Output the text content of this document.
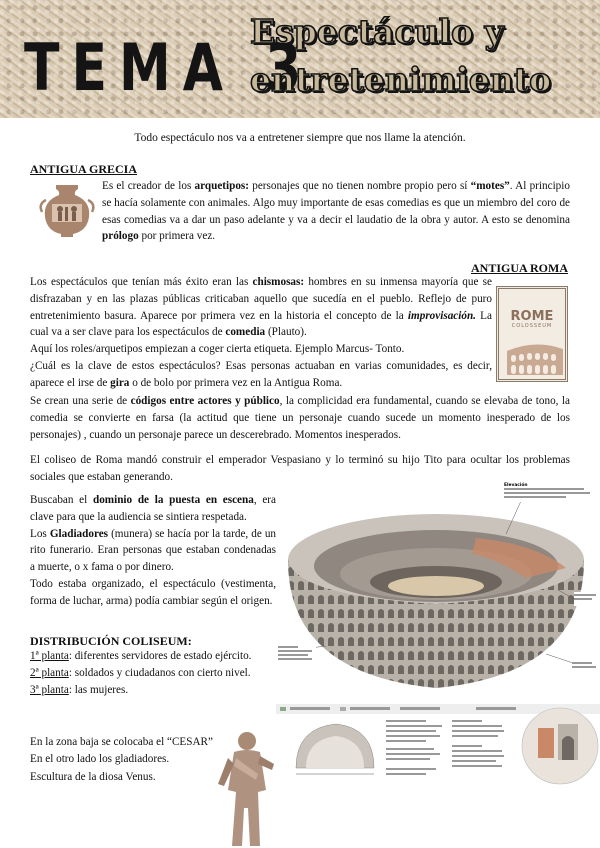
TEMA 3
Espectáculo y entretenimiento
Todo espectáculo nos va a entretener siempre que nos llame la atención.
ANTIGUA GRECIA
Es el creador de los arquetipos: personajes que no tienen nombre propio pero sí “motes”. Al principio se hacía solamente con animales. Algo muy importante de esas comedias es que un miembro del coro de esas comedias va a dar un paso adelante y va a decir el laudatio de la obra y autor. A esto se denomina prólogo por primera vez.
ANTIGUA ROMA
Los espectáculos que tenían más éxito eran las chismosas: hombres en su inmensa mayoría que se disfrazaban y en las plazas públicas criticaban aquello que sucedía en el pueblo. Reflejo de puro entretenimiento basura. Aparece por primera vez en la historia el concepto de la improvisación. La cual va a ser clave para los espectáculos de comedia (Plauto).
Aquí los roles/arquetipos empiezan a coger cierta etiqueta. Ejemplo Marcus- Tonto.
¿Cuál es la clave de estos espectáculos? Esas personas actuaban en varias comunidades, es decir, aparece el irse de gira o de bolo por primera vez en la Antigua Roma.
ROME
COLOSSEUM
Se crean una serie de códigos entre actores y público, la complicidad era fundamental, cuando se elevaba de tono, la comedia se convierte en farsa (la actitud que tiene un personaje cuando sucede un momento inesperado de los personajes) , cuando un personaje parece un descerebrado. Momentos inesperados.
El coliseo de Roma mandó construir el emperador Vespasiano y lo terminó su hijo Tito para ocultar los problemas sociales que estaban generando.
Buscaban el dominio de la puesta en escena, era clave para que la audiencia se sintiera respetada.
Los Gladiadores (munera) se hacía por la tarde, de un rito funerario. Eran personas que estaban condenadas a muerte, o x fama o por dinero.
Todo estaba organizado, el espectáculo (vestimenta, forma de luchar, arma) podía cambiar según el origen.
DISTRIBUCIÓN COLISEUM:
1ª planta: diferentes servidores de estado ejército.
2ª planta: soldados y ciudadanos con cierto nivel.
3ª planta: las mujeres.
En la zona baja se colocaba el “CESAR”
En el otro lado los gladiadores.
Escultura de la diosa Venus.
Elevación
